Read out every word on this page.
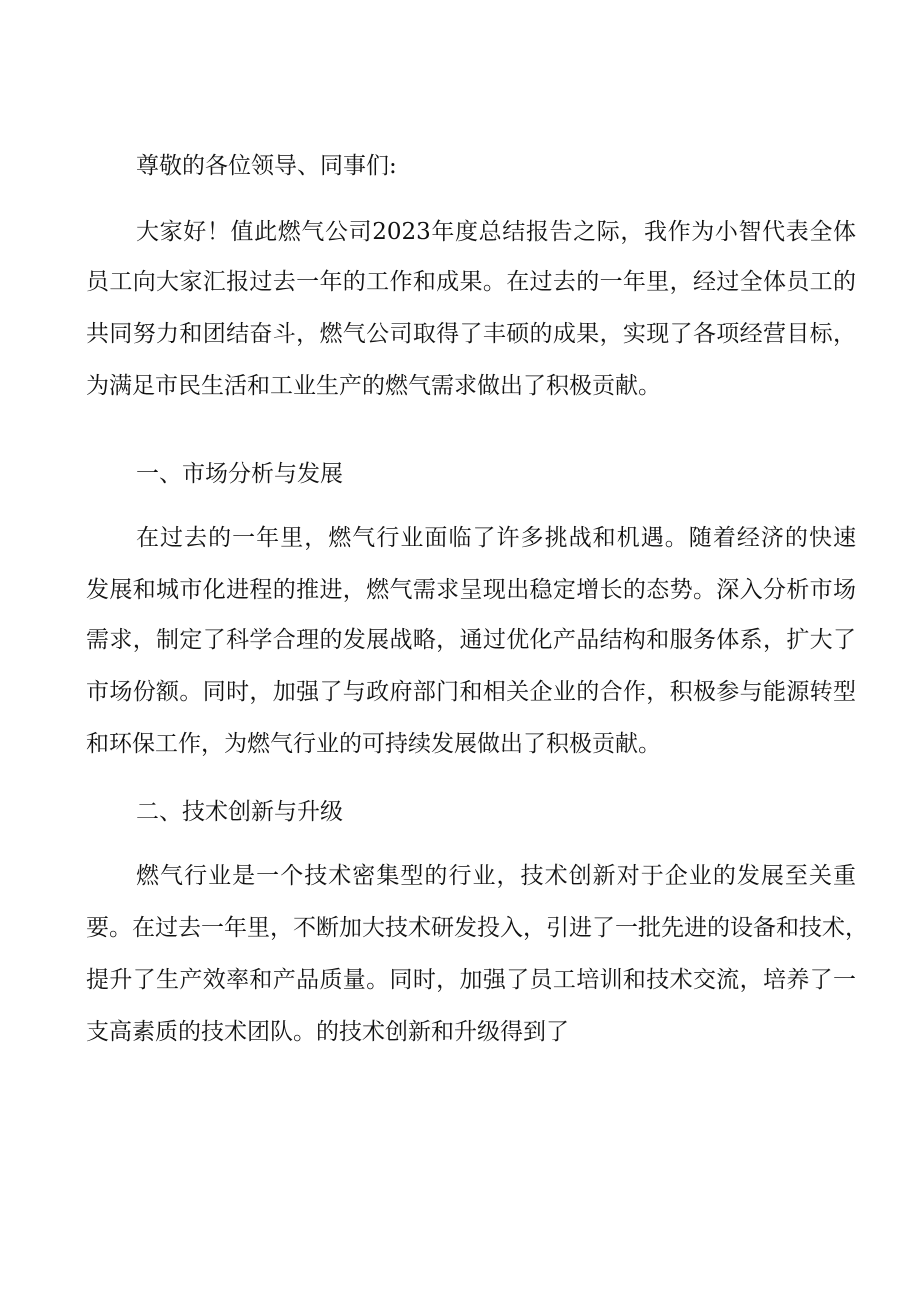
尊敬的各位领导、同事们:
大家好！值此燃气公司2023年度总结报告之际，我作为小智代表全体
员工向大家汇报过去一年的工作和成果。在过去的一年里，经过全体员工的
共同努力和团结奋斗，燃气公司取得了丰硕的成果，实现了各项经营目标，
为满足市民生活和工业生产的燃气需求做出了积极贡献。
一、市场分析与发展
在过去的一年里，燃气行业面临了许多挑战和机遇。随着经济的快速
发展和城市化进程的推进，燃气需求呈现出稳定增长的态势。深入分析市场
需求，制定了科学合理的发展战略，通过优化产品结构和服务体系，扩大了
市场份额。同时，加强了与政府部门和相关企业的合作，积极参与能源转型
和环保工作，为燃气行业的可持续发展做出了积极贡献。
二、技术创新与升级
燃气行业是一个技术密集型的行业，技术创新对于企业的发展至关重
要。在过去一年里，不断加大技术研发投入，引进了一批先进的设备和技术，
提升了生产效率和产品质量。同时，加强了员工培训和技术交流，培养了一
支高素质的技术团队。的技术创新和升级得到了
